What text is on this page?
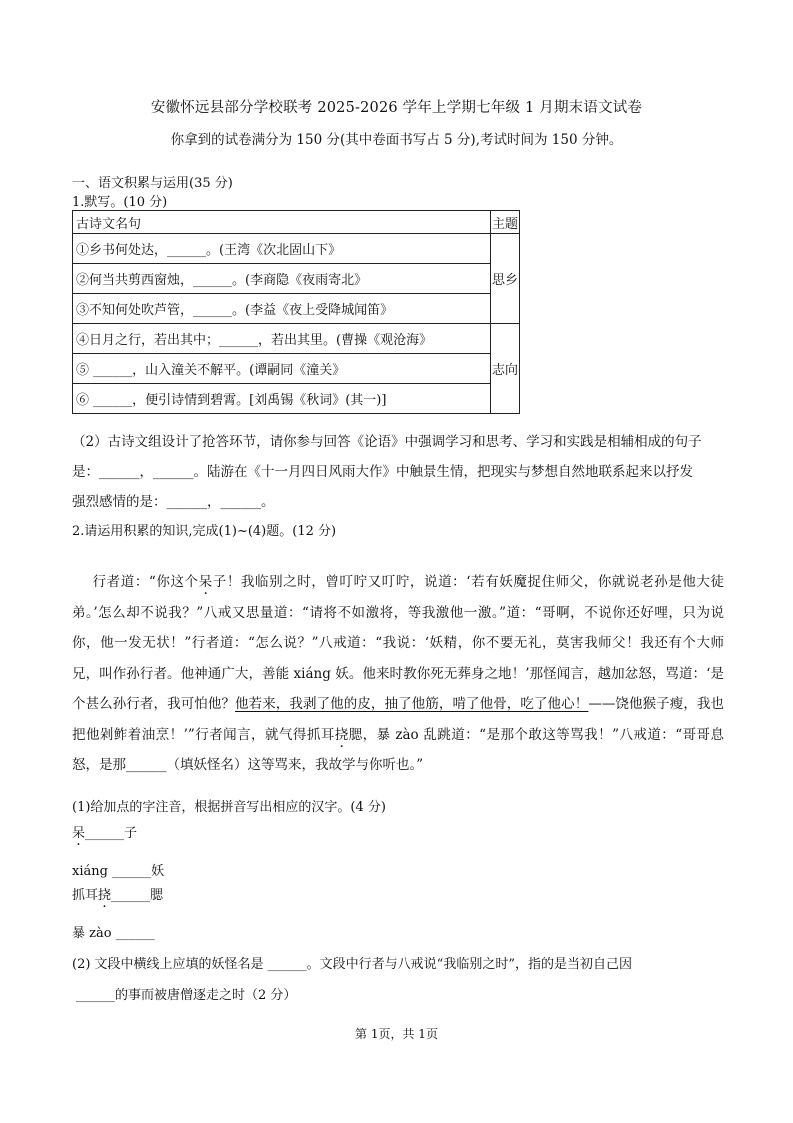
安徽怀远县部分学校联考 2025-2026 学年上学期七年级 1 月期末语文试卷
你拿到的试卷满分为 150 分(其中卷面书写占 5 分),考试时间为 150 分钟。
一、语文积累与运用(35 分)
1.默写。(10 分)
古诗文名句	主题
①乡书何处达，______。(王湾《次北固山下》	思乡
②何当共剪西窗烛，______。(李商隐《夜雨寄北》	
③不知何处吹芦管，______。(李益《夜上受降城闻笛》	
④日月之行，若出其中；______，若出其里。(曹操《观沧海》	志向
⑤ ______，山入潼关不解平。(谭嗣同《潼关》	
⑥ ______，便引诗情到碧霄。[刘禹锡《秋词》(其一)]	
（2）古诗文组设计了抢答环节，请你参与回答《论语》中强调学习和思考、学习和实践是相辅相成的句子
是：______，______。陆游在《十一月四日风雨大作》中触景生情，把现实与梦想自然地联系起来以抒发
强烈感情的是：______，______。
2.请运用积累的知识,完成(1)~(4)题。(12 分)
行者道：“你这个呆子！我临别之时，曾叮咛又叮咛，说道：‘若有妖魔捉住师父，你就说老孙是他大徒弟。’怎么却不说我？”八戒又思量道：“请将不如激将，等我激他一激。”道：“哥啊，不说你还好哩，只为说你，他一发无状！”行者道：“怎么说？”八戒道：“我说：‘妖精，你不要无礼，莫害我师父！我还有个大师兄，叫作孙行者。他神通广大，善能 xiáng 妖。他来时教你死无葬身之地！’那怪闻言，越加忿怒，骂道：‘是个甚么孙行者，我可怕他？他若来，我剥了他的皮，抽了他筋，啃了他骨，吃了他心！——饶他猴子瘦，我也把他剁鲊着油烹！’”行者闻言，就气得抓耳挠腮，暴 zào 乱跳道：“是那个敢这等骂我！”八戒道：“哥哥息怒，是那______（填妖怪名）这等骂来，我故学与你听也。”
(1)给加点的字注音，根据拼音写出相应的汉字。(4 分)
呆______子
xiáng ______妖
抓耳挠______腮
暴 zào ______
(2) 文段中横线上应填的妖怪名是 ______。文段中行者与八戒说“我临别之时”，指的是当初自己因
______的事而被唐僧逐走之时（2 分）
第 1页，共 1页
